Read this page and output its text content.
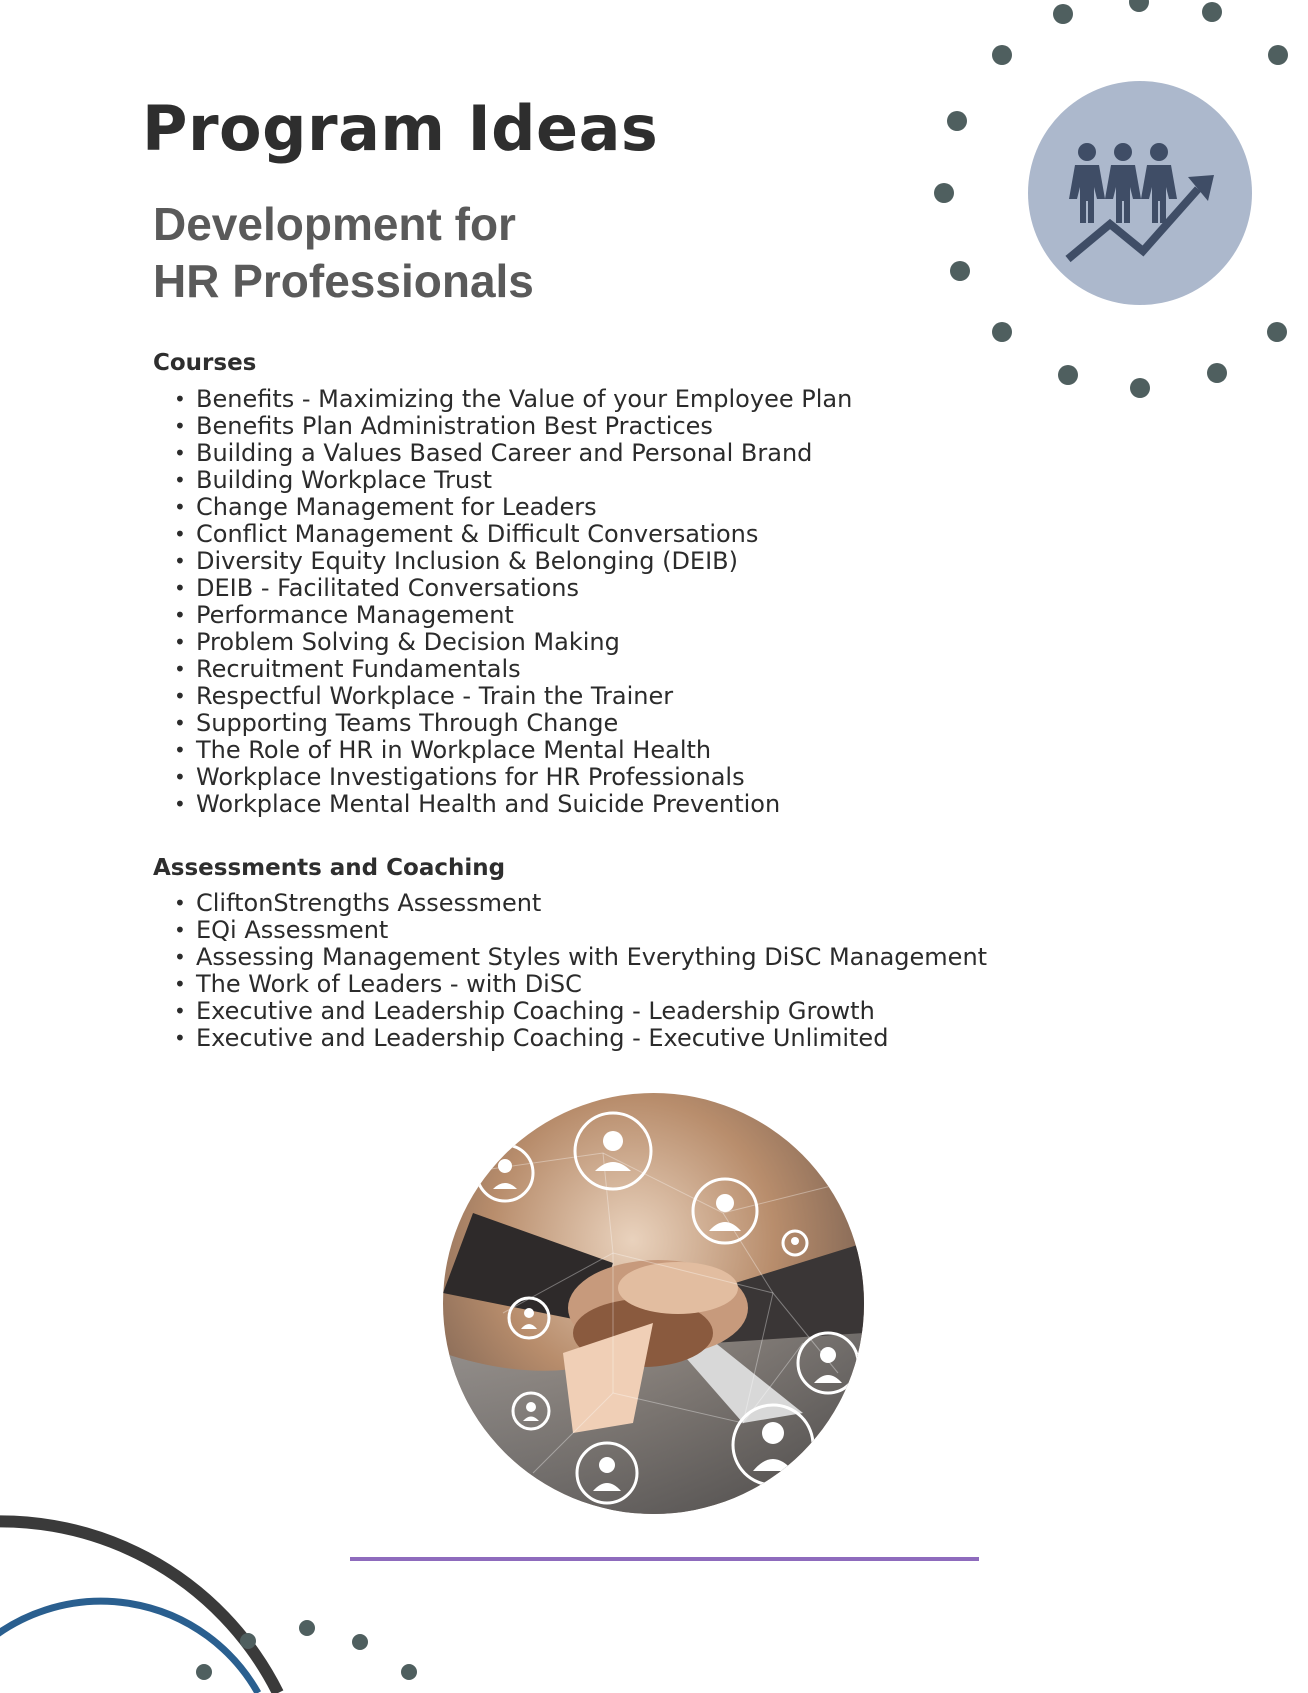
Program Ideas
Development for
HR Professionals
Courses
• Benefits - Maximizing the Value of your Employee Plan
• Benefits Plan Administration Best Practices
• Building a Values Based Career and Personal Brand
• Building Workplace Trust
• Change Management for Leaders
• Conflict Management & Difficult Conversations
• Diversity Equity Inclusion & Belonging (DEIB)
• DEIB - Facilitated Conversations
• Performance Management
• Problem Solving & Decision Making
• Recruitment Fundamentals
• Respectful Workplace - Train the Trainer
• Supporting Teams Through Change
• The Role of HR in Workplace Mental Health
• Workplace Investigations for HR Professionals
• Workplace Mental Health and Suicide Prevention
Assessments and Coaching
• CliftonStrengths Assessment
• EQi Assessment
• Assessing Management Styles with Everything DiSC Management
• The Work of Leaders - with DiSC
• Executive and Leadership Coaching - Leadership Growth
• Executive and Leadership Coaching - Executive Unlimited
